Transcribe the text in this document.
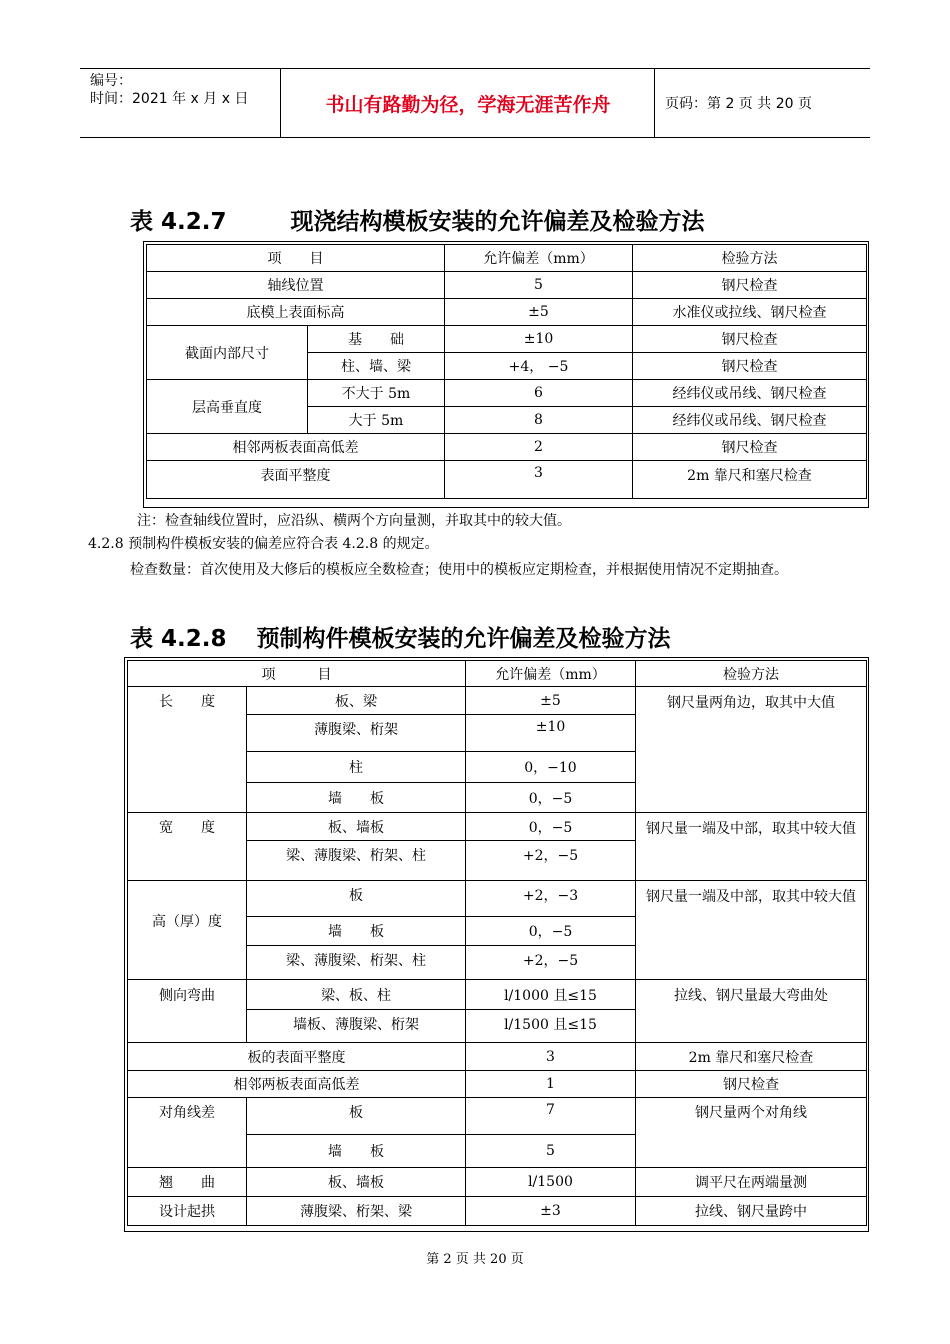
编号：
时间：2021 年 x 月 x 日	书山有路勤为径，学海无涯苦作舟	页码：第 2 页 共 20 页
表 4.2.7	现浇结构模板安装的允许偏差及检验方法
项　　目		允许偏差（mm）	检验方法
轴线位置		5	钢尺检查
底模上表面标高		±5	水准仪或拉线、钢尺检查
截面内部尺寸	基　　础	±10	钢尺检查
	柱、墙、梁	+4， −5	钢尺检查
层高垂直度	不大于 5m	6	经纬仪或吊线、钢尺检查
	大于 5m	8	经纬仪或吊线、钢尺检查
相邻两板表面高低差		2	钢尺检查
表面平整度		3	2m 靠尺和塞尺检查
注：检查轴线位置时，应沿纵、横两个方向量测，并取其中的较大值。
4.2.8 预制构件模板安装的偏差应符合表 4.2.8 的规定。
检查数量：首次使用及大修后的模板应全数检查；使用中的模板应定期检查，并根据使用情况不定期抽查。
表 4.2.8 预制构件模板安装的允许偏差及检验方法
项　　　目		允许偏差（mm）	检验方法
长　　度	板、梁	±5	钢尺量两角边，取其中大值
	薄腹梁、桁架	±10	
	柱	0，−10	
	墙　　板	0，−5	
宽　　度	板、墙板	0，−5	钢尺量一端及中部，取其中较大值
	梁、薄腹梁、桁架、柱	+2，−5	
高（厚）度	板	+2，−3	钢尺量一端及中部，取其中较大值
	墙　　板	0，−5	
	梁、薄腹梁、桁架、柱	+2，−5	
侧向弯曲	梁、板、柱	l/1000 且≤15	拉线、钢尺量最大弯曲处
	墙板、薄腹梁、桁架	l/1500 且≤15	
板的表面平整度		3	2m 靠尺和塞尺检查
相邻两板表面高低差		1	钢尺检查
对角线差	板	7	钢尺量两个对角线
	墙　　板	5	
翘　　曲	板、墙板	l/1500	调平尺在两端量测
设计起拱	薄腹梁、桁架、梁	±3	拉线、钢尺量跨中
第 2 页 共 20 页
